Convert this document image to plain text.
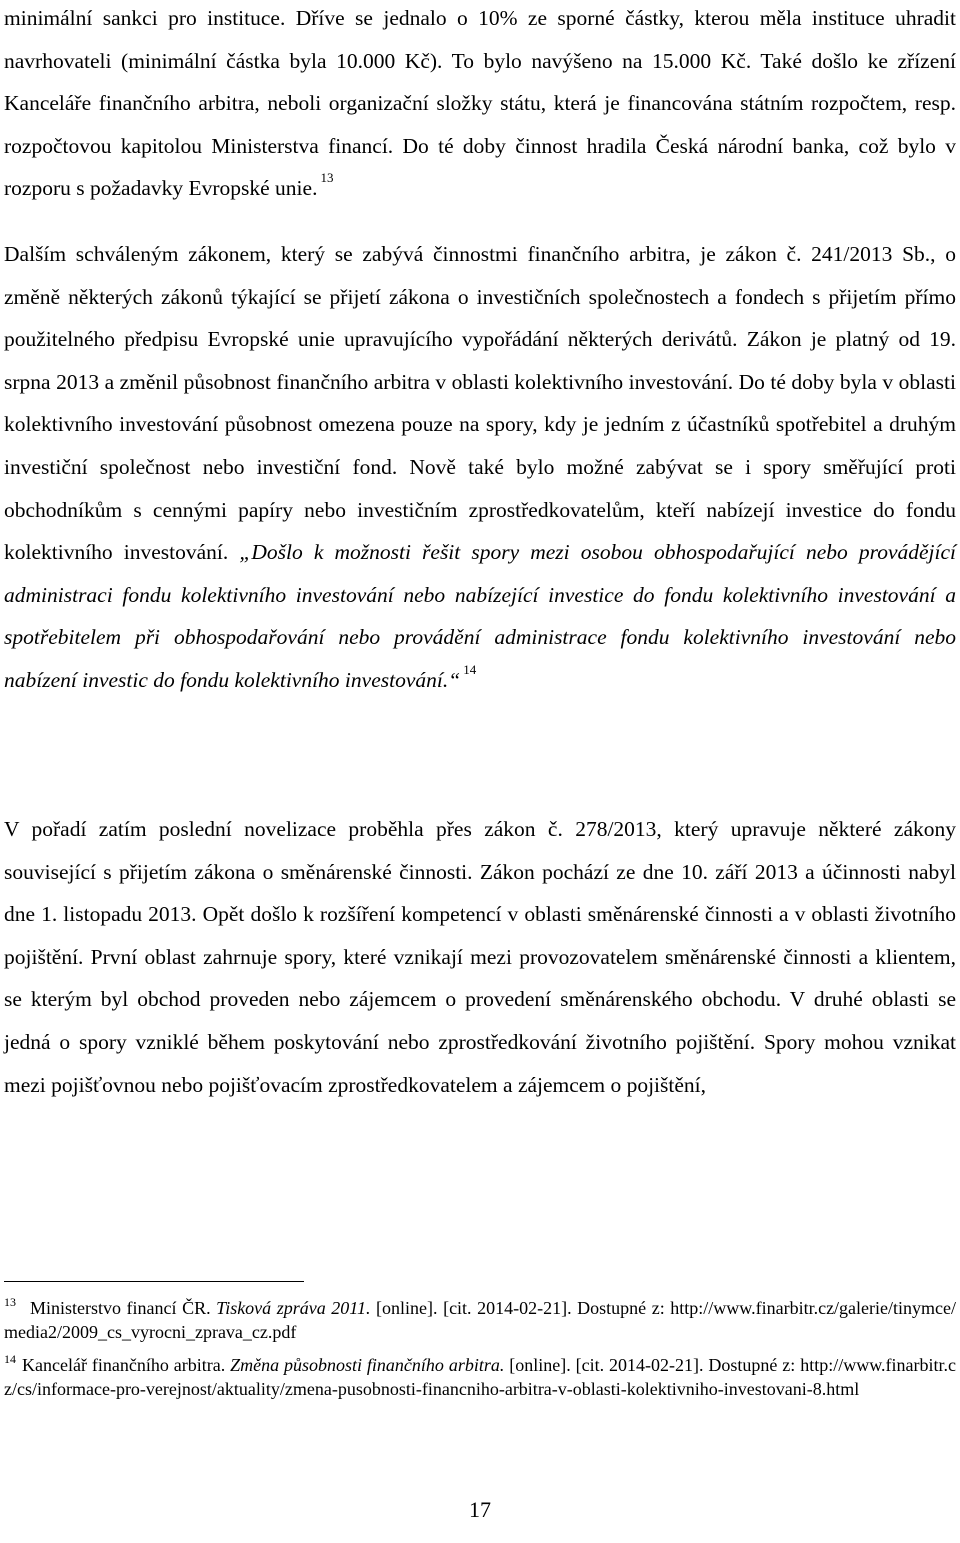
minimální sankci pro instituce. Dříve se jednalo o 10% ze sporné částky, kterou měla instituce uhradit navrhovateli (minimální částka byla 10.000 Kč). To bylo navýšeno na 15.000 Kč. Také došlo ke zřízení Kanceláře finančního arbitra, neboli organizační složky státu, která je financována státním rozpočtem, resp. rozpočtovou kapitolou Ministerstva financí. Do té doby činnost hradila Česká národní banka, což bylo v rozporu s požadavky Evropské unie. $^{13}$

Dalším schváleným zákonem, který se zabývá činnostmi finančního arbitra, je zákon č. 241/2013 Sb., o změně některých zákonů týkající se přijetí zákona o investičních společnostech a fondech s přijetím přímo použitelného předpisu Evropské unie upravujícího vypořádání některých derivátů. Zákon je platný od 19. srpna 2013 a změnil působnost finančního arbitra v oblasti kolektivního investování. Do té doby byla v oblasti kolektivního investování působnost omezena pouze na spory, kdy je jedním z účastníků spotřebitel a druhým investiční společnost nebo investiční fond. Nově také bylo možné zabývat se i spory směřující proti obchodníkům s cennými papíry nebo investičním zprostředkovatelům, kteří nabízejí investice do fondu kolektivního investování. „Došlo k možnosti řešit spory mezi osobou obhospodařující nebo provádějící administraci fondu kolektivního investování nebo nabízející investice do fondu kolektivního investování a spotřebitelem při obhospodařování nebo provádění administrace fondu kolektivního investování nebo nabízení investic do fondu kolektivního investování.“ $^{14}$

V pořadí zatím poslední novelizace proběhla přes zákon č. 278/2013, který upravuje některé zákony související s přijetím zákona o směnárenské činnosti. Zákon pochází ze dne 10. září 2013 a účinnosti nabyl dne 1. listopadu 2013. Opět došlo k rozšíření kompetencí v oblasti směnárenské činnosti a v oblasti životního pojištění. První oblast zahrnuje spory, které vznikají mezi provozovatelem směnárenské činnosti a klientem, se kterým byl obchod proveden nebo zájemcem o provedení směnárenského obchodu. V druhé oblasti se jedná o spory vzniklé během poskytování nebo zprostředkování životního pojištění. Spory mohou vznikat mezi pojišťovnou nebo pojišťovacím zprostředkovatelem a zájemcem o pojištění,

$^{13}$ Ministerstvo financí ČR. Tisková zpráva 2011. [online]. [cit. 2014-02-21]. Dostupné z: http://www.finarbitr.cz/galerie/tinymce/media2/2009_cs_vyrocni_zprava_cz.pdf

$^{14}$ Kancelář finančního arbitra. Změna působnosti finančního arbitra. [online]. [cit. 2014-02-21]. Dostupné z: http://www.finarbitr.cz/cs/informace-pro-verejnost/aktuality/zmena-pusobnosti-financniho-arbitra-v-oblasti-kolektivniho-investovani-8.html

17
